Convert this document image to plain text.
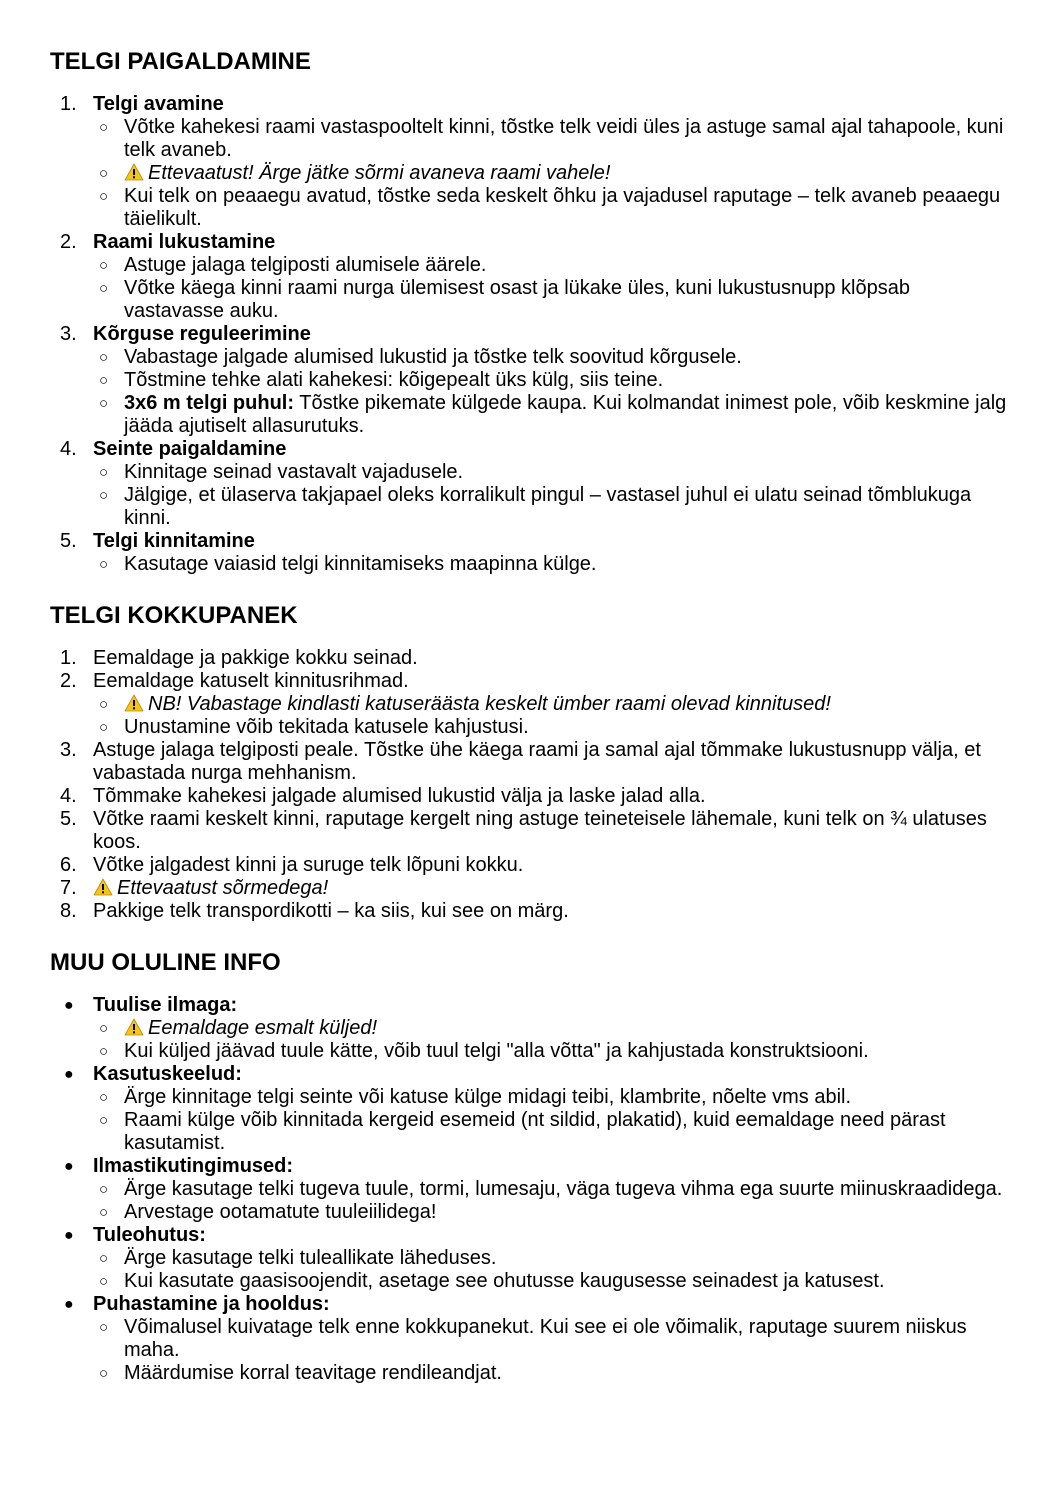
TELGI PAIGALDAMINE
1. Telgi avamine
○ Võtke kahekesi raami vastaspooltelt kinni, tõstke telk veidi üles ja astuge samal ajal tahapoole, kuni telk avaneb.
○ Ettevaatust! Ärge jätke sõrmi avaneva raami vahele!
○ Kui telk on peaaegu avatud, tõstke seda keskelt õhku ja vajadusel raputage – telk avaneb peaaegu täielikult.
2. Raami lukustamine
○ Astuge jalaga telgiposti alumisele äärele.
○ Võtke käega kinni raami nurga ülemisest osast ja lükake üles, kuni lukustusnupp klõpsab vastavasse auku.
3. Kõrguse reguleerimine
○ Vabastage jalgade alumised lukustid ja tõstke telk soovitud kõrgusele.
○ Tõstmine tehke alati kahekesi: kõigepealt üks külg, siis teine.
○ 3x6 m telgi puhul: Tõstke pikemate külgede kaupa. Kui kolmandat inimest pole, võib keskmine jalg jääda ajutiselt allasurutuks.
4. Seinte paigaldamine
○ Kinnitage seinad vastavalt vajadusele.
○ Jälgige, et ülaserva takjapael oleks korralikult pingul – vastasel juhul ei ulatu seinad tõmblukuga kinni.
5. Telgi kinnitamine
○ Kasutage vaiasid telgi kinnitamiseks maapinna külge.
TELGI KOKKUPANEK
1. Eemaldage ja pakkige kokku seinad.
2. Eemaldage katuselt kinnitusrihmad.
○ NB! Vabastage kindlasti katuseräästa keskelt ümber raami olevad kinnitused!
○ Unustamine võib tekitada katusele kahjustusi.
3. Astuge jalaga telgiposti peale. Tõstke ühe käega raami ja samal ajal tõmmake lukustusnupp välja, et vabastada nurga mehhanism.
4. Tõmmake kahekesi jalgade alumised lukustid välja ja laske jalad alla.
5. Võtke raami keskelt kinni, raputage kergelt ning astuge teineteisele lähemale, kuni telk on ¾ ulatuses koos.
6. Võtke jalgadest kinni ja suruge telk lõpuni kokku.
7.	Ettevaatust sõrmedega!
8. Pakkige telk transpordikotti – ka siis, kui see on märg.
MUU OLULINE INFO
● Tuulise ilmaga:
○ Eemaldage esmalt küljed!
○ Kui küljed jäävad tuule kätte, võib tuul telgi "alla võtta" ja kahjustada konstruktsiooni.
● Kasutuskeelud:
○ Ärge kinnitage telgi seinte või katuse külge midagi teibi, klambrite, nõelte vms abil.
○ Raami külge võib kinnitada kergeid esemeid (nt sildid, plakatid), kuid eemaldage need pärast kasutamist.
● Ilmastikutingimused:
○ Ärge kasutage telki tugeva tuule, tormi, lumesaju, väga tugeva vihma ega suurte miinuskraadidega.
○ Arvestage ootamatute tuuleiilidega!
● Tuleohutus:
○ Ärge kasutage telki tuleallikate läheduses.
○ Kui kasutate gaasisoojendit, asetage see ohutusse kaugusesse seinadest ja katusest.
● Puhastamine ja hooldus:
○ Võimalusel kuivatage telk enne kokkupanekut. Kui see ei ole võimalik, raputage suurem niiskus maha.
○ Määrdumise korral teavitage rendileandjat.
